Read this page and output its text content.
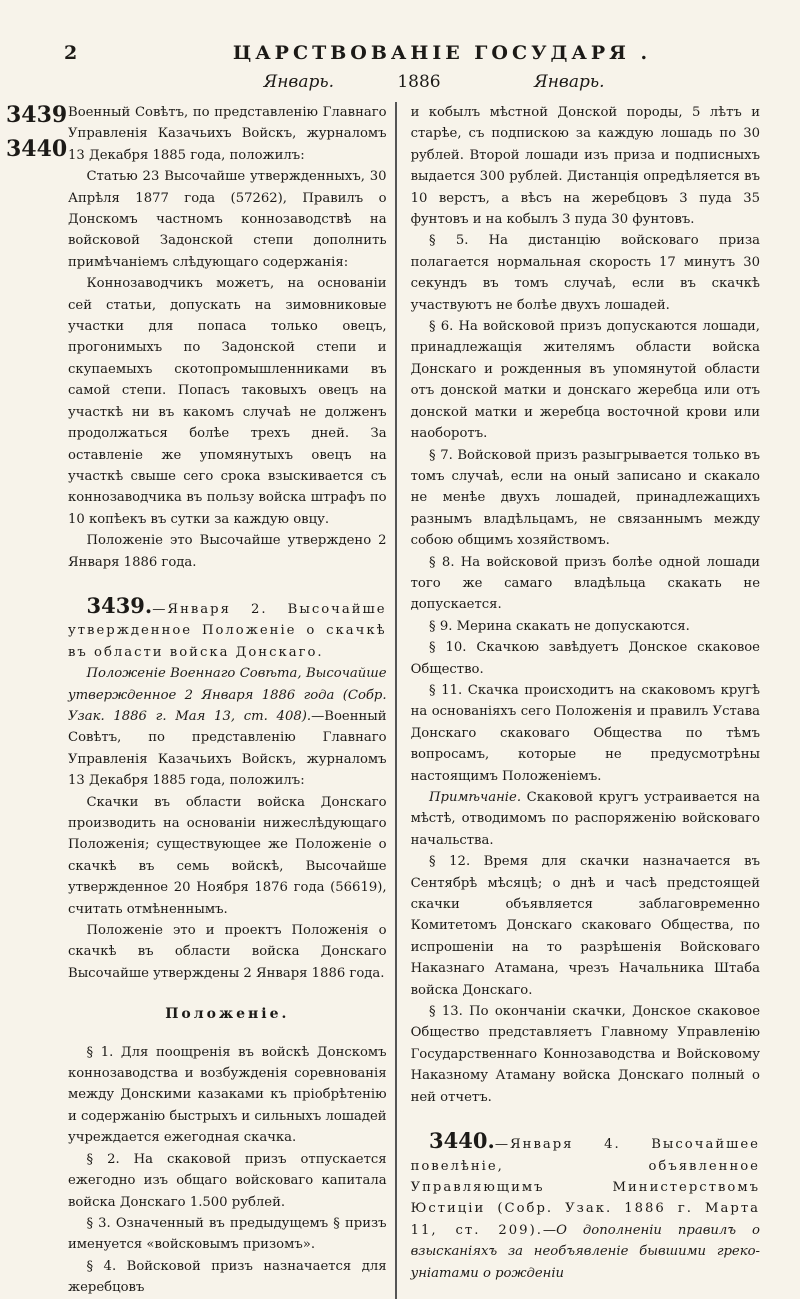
2	ЦАРСТВОВАНІЕ ГОСУДАРЯ .
Январь.	1886	Январь.
3439
3440

Военный Совѣтъ, по представленію Главнаго Управленія Казачьихъ Войскъ, журналомъ 13 Декабря 1885 года, положилъ:

Статью 23 Высочайше утвержденныхъ, 30 Апрѣля 1877 года (57262), Правилъ о Донскомъ частномъ коннозаводствѣ на войсковой Задонской степи дополнить примѣчаніемъ слѣдующаго содержанія:

Коннозаводчикъ можетъ, на основаніи сей статьи, допускать на зимовниковые участки для попаса только овецъ, прогонимыхъ по Задонской степи и скупаемыхъ скотопромышленниками въ самой степи. Попасъ таковыхъ овецъ на участкѣ ни въ какомъ случаѣ не долженъ продолжаться болѣе трехъ дней. За оставленіе же упомянутыхъ овецъ на участкѣ свыше сего срока взыскивается съ коннозаводчика въ пользу войска штрафъ по 10 копѣекъ въ сутки за каждую овцу.

Положеніе это Высочайше утверждено 2 Января 1886 года.

3439.—Января 2. Высочайше утвержденное Положеніе о скачкѣ въ области войска Донскаго.

Положеніе Военнаго Совѣта, Высочайше утвержденное 2 Января 1886 года (Собр. Узак. 1886 г. Мая 13, ст. 408).—Военный Совѣтъ, по представленію Главнаго Управленія Казачьихъ Войскъ, журналомъ 13 Декабря 1885 года, положилъ:

Скачки въ области войска Донскаго производить на основаніи нижеслѣдующаго Положенія; существующее же Положеніе о скачкѣ въ семь войскѣ, Высочайше утвержденное 20 Ноября 1876 года (56619), считать отмѣненнымъ.

Положеніе это и проектъ Положенія о скачкѣ въ области войска Донскаго Высочайше утверждены 2 Января 1886 года.

Положеніе.

§ 1. Для поощренія въ войскѣ Донскомъ коннозаводства и возбужденія соревнованія между Донскими казаками къ пріобрѣтенію и содержанію быстрыхъ и сильныхъ лошадей учреждается ежегодная скачка.

§ 2. На скаковой призъ отпускается ежегодно изъ общаго войсковаго капитала войска Донскаго 1.500 рублей.

§ 3. Означенный въ предыдущемъ § призъ именуется «войсковымъ призомъ».

§ 4. Войсковой призъ назначается для жеребцовъ

и кобылъ мѣстной Донской породы, 5 лѣтъ и старѣе, съ подпискою за каждую лошадь по 30 рублей. Второй лошади изъ приза и подписныхъ выдается 300 рублей. Дистанція опредѣляется въ 10 верстъ, а вѣсъ на жеребцовъ 3 пуда 35 фунтовъ и на кобылъ 3 пуда 30 фунтовъ.

§ 5. На дистанцію войсковаго приза полагается нормальная скорость 17 минутъ 30 секундъ въ томъ случаѣ, если въ скачкѣ участвуютъ не болѣе двухъ лошадей.

§ 6. На войсковой призъ допускаются лошади, принадлежащія жителямъ области войска Донскаго и рожденныя въ упомянутой области отъ донской матки и донскаго жеребца или отъ донской матки и жеребца восточной крови или наоборотъ.

§ 7. Войсковой призъ разыгрывается только въ томъ случаѣ, если на оный записано и скакало не менѣе двухъ лошадей, принадлежащихъ разнымъ владѣльцамъ, не связаннымъ между собою общимъ хозяйствомъ.

§ 8. На войсковой призъ болѣе одной лошади того же самаго владѣльца скакать не допускается.

§ 9. Мерина скакать не допускаются.

§ 10. Скачкою завѣдуетъ Донское скаковое Общество.

§ 11. Скачка происходитъ на скаковомъ кругѣ на основаніяхъ сего Положенія и правилъ Устава Донскаго скаковаго Общества по тѣмъ вопросамъ, которые не предусмотрѣны настоящимъ Положеніемъ.

Примѣчаніе. Скаковой кругъ устраивается на мѣстѣ, отводимомъ по распоряженію войсковаго начальства.

§ 12. Время для скачки назначается въ Сентябрѣ мѣсяцѣ; о днѣ и часѣ предстоящей скачки объявляется заблаговременно Комитетомъ Донскаго скаковаго Общества, по испрошеніи на то разрѣшенія Войсковаго Наказнаго Атамана, чрезъ Начальника Штаба войска Донскаго.

§ 13. По окончаніи скачки, Донское скаковое Общество представляетъ Главному Управленію Государственнаго Коннозаводства и Войсковому Наказному Атаману войска Донскаго полный о ней отчетъ.

3440.—Января 4. Высочайшее повелѣніе, объявленное Управляющимъ Министерствомъ Юстиціи (Собр. Узак. 1886 г. Марта 11, ст. 209).—О дополненіи правилъ о взысканіяхъ за необъявленіе бывшими греко-уніатами о рожденіи
